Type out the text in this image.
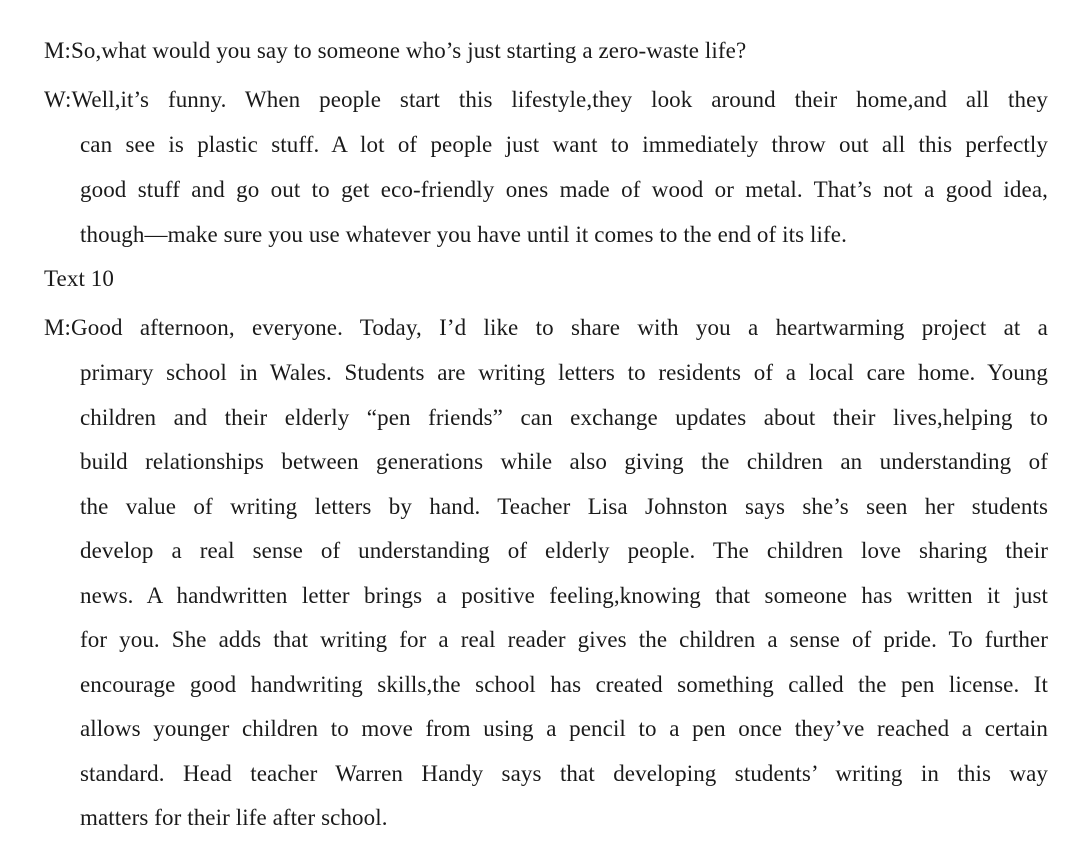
M:So,what would you say to someone who’s just starting a zero-waste life?
W:Well,it’s funny. When people start this lifestyle,they look around their home,and all they
can see is plastic stuff. A lot of people just want to immediately throw out all this perfectly
good stuff and go out to get eco-friendly ones made of wood or metal. That’s not a good idea,
though—make sure you use whatever you have until it comes to the end of its life.
Text 10
M:Good afternoon, everyone. Today, I’d like to share with you a heartwarming project at a
primary school in Wales. Students are writing letters to residents of a local care home. Young
children and their elderly “pen friends” can exchange updates about their lives,helping to
build relationships between generations while also giving the children an understanding of
the value of writing letters by hand. Teacher Lisa Johnston says she’s seen her students
develop a real sense of understanding of elderly people. The children love sharing their
news. A handwritten letter brings a positive feeling,knowing that someone has written it just
for you. She adds that writing for a real reader gives the children a sense of pride. To further
encourage good handwriting skills,the school has created something called the pen license. It
allows younger children to move from using a pencil to a pen once they’ve reached a certain
standard. Head teacher Warren Handy says that developing students’ writing in this way
matters for their life after school.
